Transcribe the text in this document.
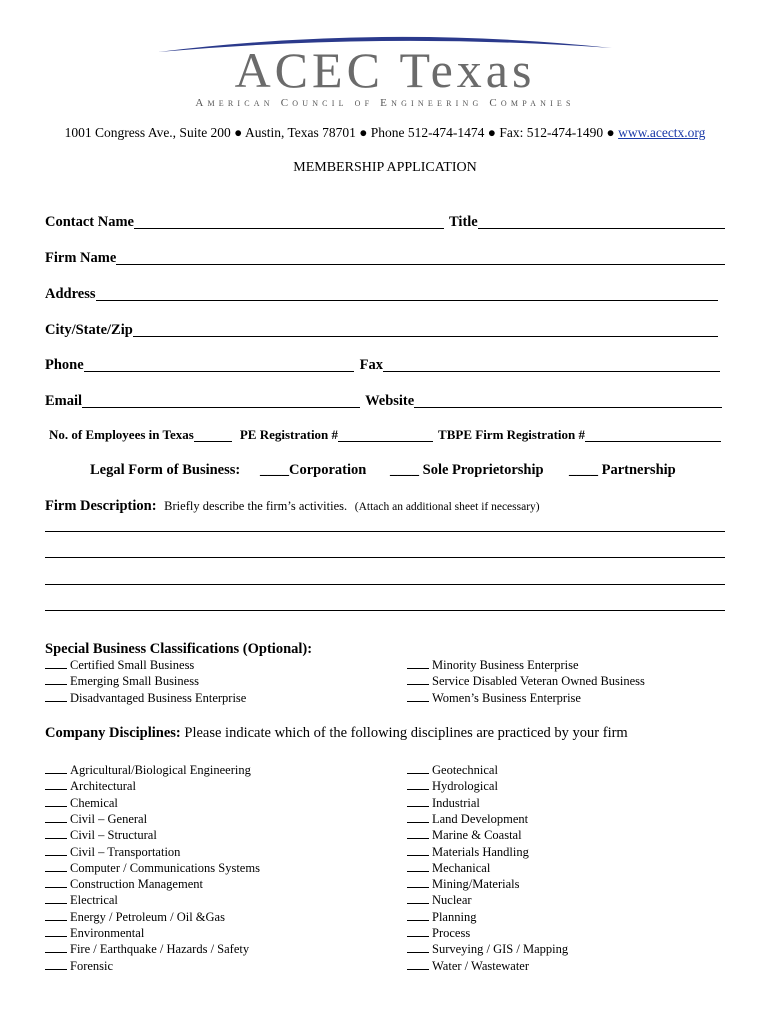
ACEC Texas
American Council of Engineering Companies
1001 Congress Ave., Suite 200 ● Austin, Texas 78701 ● Phone 512-474-1474 ● Fax: 512-474-1490 ● www.acectx.org
MEMBERSHIP APPLICATION
Contact Name	Title
Firm Name
Address
City/State/Zip
Phone	Fax
Email	Website
No. of Employees in Texas	PE Registration #	TBPE Firm Registration #
Legal Form of Business: ____Corporation ____ Sole Proprietorship ____ Partnership
Firm Description: Briefly describe the firm’s activities. (Attach an additional sheet if necessary)
Special Business Classifications (Optional):
Certified Small Business
Emerging Small Business
Disadvantaged Business Enterprise
Minority Business Enterprise
Service Disabled Veteran Owned Business
Women’s Business Enterprise
Company Disciplines: Please indicate which of the following disciplines are practiced by your firm
Agricultural/Biological Engineering
Architectural
Chemical
Civil – General
Civil – Structural
Civil – Transportation
Computer / Communications Systems
Construction Management
Electrical
Energy / Petroleum / Oil &Gas
Environmental
Fire / Earthquake / Hazards / Safety
Forensic
Geotechnical
Hydrological
Industrial
Land Development
Marine & Coastal
Materials Handling
Mechanical
Mining/Materials
Nuclear
Planning
Process
Surveying / GIS / Mapping
Water / Wastewater
